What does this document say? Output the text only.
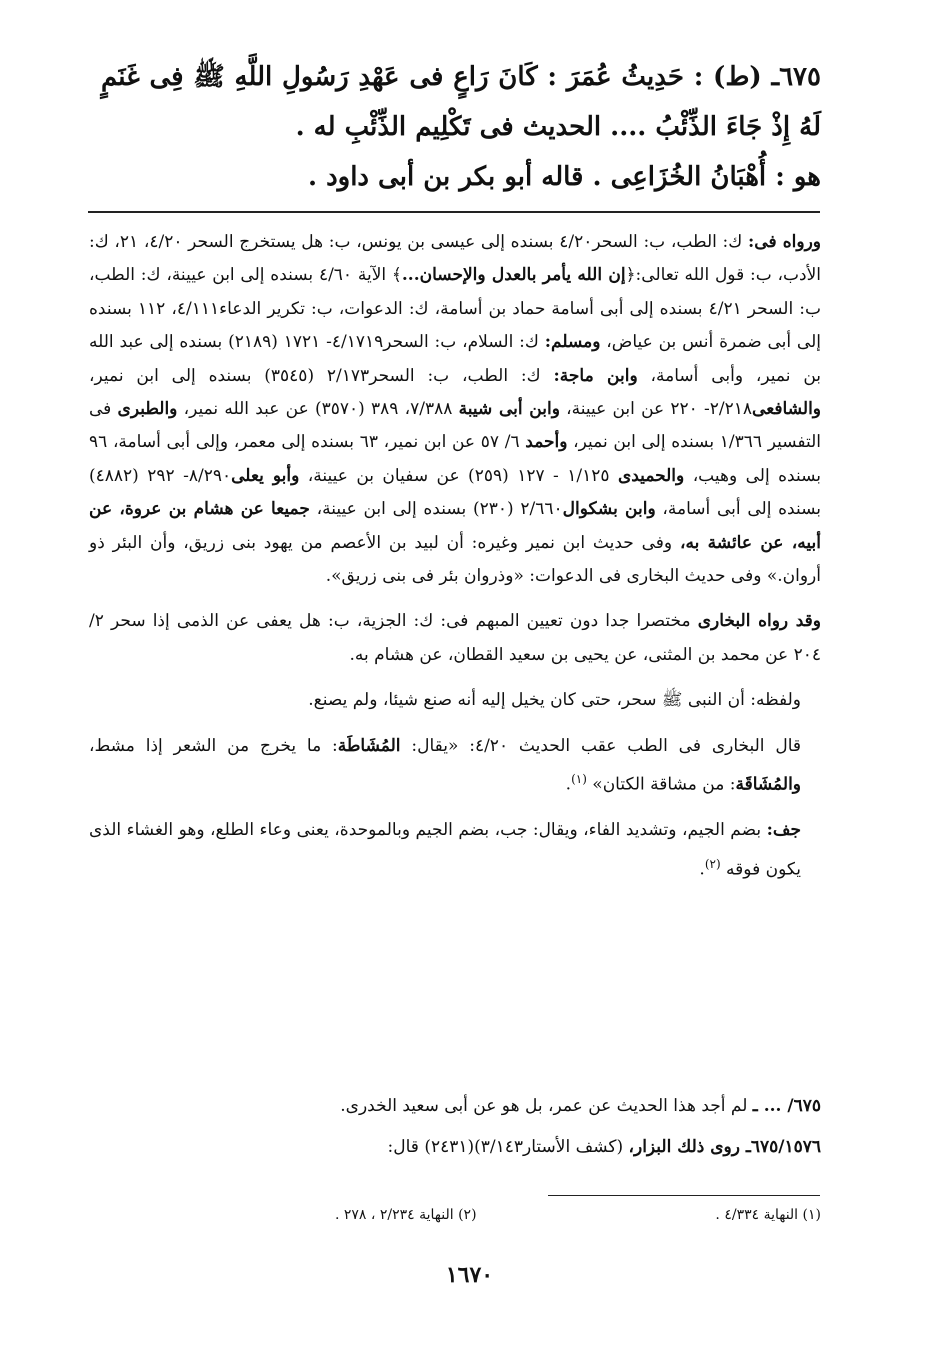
٦٧٥ـ (ط) : حَدِيثُ عُمَرَ : كَانَ رَاعٍ فى عَهْدِ رَسُولِ اللَّهِ ﷺ فِى غَنَمٍ لَهُ إِذْ جَاءَ الذِّئْبُ .... الحديث فى تَكْلِيم الذِّئْبِ له .
هو : أُهْبَانُ الخُزَاعِى . قاله أبو بكر بن أبى داود .

ورواه فى: ك: الطب، ب: السحر٤/٢٠ بسنده إلى عيسى بن يونس، ب: هل يستخرج السحر ٤/٢٠، ٢١، ك: الأدب، ب: قول الله تعالى:﴿إن الله يأمر بالعدل والإحسان...﴾ الآية ٤/٦٠ بسنده إلى ابن عيينة، ك: الطب، ب: السحر ٤/٢١ بسنده إلى أبى أسامة حماد بن أسامة، ك: الدعوات، ب: تكرير الدعاء٤/١١١، ١١٢ بسنده إلى أبى ضمرة أنس بن عياض، ومسلم: ك: السلام، ب: السحر٤/١٧١٩- ١٧٢١ (٢١٨٩) بسنده إلى عبد الله بن نمير، وأبى أسامة، وابن ماجة: ك: الطب، ب: السحر٢/١٧٣ (٣٥٤٥) بسنده إلى ابن نمير، والشافعى٢/٢١٨- ٢٢٠ عن ابن عيينة، وابن أبى شيبة ٧/٣٨٨، ٣٨٩ (٣٥٧٠) عن عبد الله نمير، والطبرى فى التفسير ١/٣٦٦ بسنده إلى ابن نمير، وأحمد ٦/ ٥٧ عن ابن نمير، ٦٣ بسنده إلى معمر، وإلى أبى أسامة، ٩٦ بسنده إلى وهيب، والحميدى ١/١٢٥ - ١٢٧ (٢٥٩) عن سفيان بن عيينة، وأبو يعلى٨/٢٩٠- ٢٩٢ (٤٨٨٢) بسنده إلى أبى أسامة، وابن بشكوال٢/٦٦٠ (٢٣٠) بسنده إلى ابن عيينة، جميعا عن هشام بن عروة، عن أبيه، عن عائشة به، وفى حديث ابن نمير وغيره: أن لبيد بن الأعصم من يهود بنى زريق، وأن البئر ذو أروان.» وفى حديث البخارى فى الدعوات: «وذروان بئر فى بنى زريق».

وقد رواه البخارى مختصرا جدا دون تعيين المبهم فى: ك: الجزية، ب: هل يعفى عن الذمى إذا سحر ٢/ ٢٠٤ عن محمد بن المثنى، عن يحيى بن سعيد القطان، عن هشام به.

ولفظه: أن النبى ﷺ سحر، حتى كان يخيل إليه أنه صنع شيئا، ولم يصنع.

قال البخارى فى الطب عقب الحديث ٤/٢٠: «يقال: المُشَاطَة: ما يخرج من الشعر إذا مشط، والمُشَاقَة: من مشاقة الكتان» $^{(١)}$.

جف: بضم الجيم، وتشديد الفاء، ويقال: جب، بضم الجيم وبالموحدة، يعنى وعاء الطلع، وهو الغشاء الذى يكون فوقه $^{(٢)}$.

٦٧٥/ ... ـ لم أجد هذا الحديث عن عمر، بل هو عن أبى سعيد الخدرى.

٦٧٥/١٥٧٦ـ روى ذلك البزار، (كشف الأستار٣/١٤٣)(٢٤٣١) قال:

(١) النهاية ٤/٣٣٤ . (٢) النهاية ٢/٢٣٤ ، ٢٧٨ .
١٦٧٠
